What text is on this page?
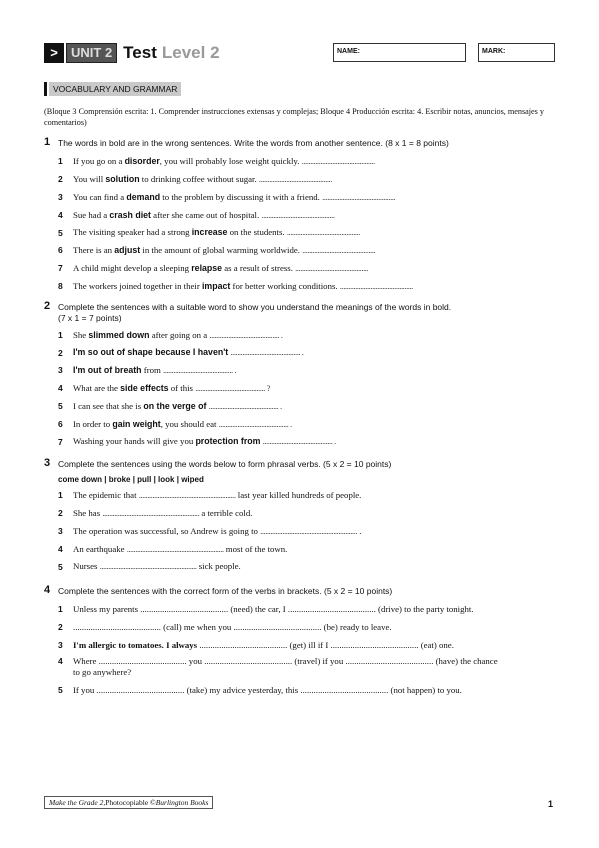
>	UNIT 2 Test Level 2	NAME:	MARK:
VOCABULARY AND GRAMMAR
(Bloque 3 Comprensión escrita: 1. Comprender instrucciones extensas y complejas; Bloque 4 Producción escrita: 4. Escribir notas, anuncios, mensajes y comentarios)
1 The words in bold are in the wrong sentences. Write the words from another sentence. (8 x 1 = 8 points)
1	If you go on a disorder, you will probably lose weight quickly. ...........................................
2	You will solution to drinking coffee without sugar. ...........................................
3	You can find a demand to the problem by discussing it with a friend. ...........................................
4	Sue had a crash diet after she came out of hospital. ...........................................
5	The visiting speaker had a strong increase on the students. ...........................................
6	There is an adjust in the amount of global warming worldwide. ...........................................
7	A child might develop a sleeping relapse as a result of stress. ...........................................
8	The workers joined together in their impact for better working conditions. ...........................................
2 Complete the sentences with a suitable word to show you understand the meanings of the words in bold.
(7 x 1 = 7 points)
1	She slimmed down after going on a ......................................... .
2	I'm so out of shape because I haven't ......................................... .
3	I'm out of breath from ......................................... .
4	What are the side effects of this ......................................... ?
5	I can see that she is on the verge of ......................................... .
6	In order to gain weight, you should eat ......................................... .
7	Washing your hands will give you protection from ......................................... .
3 Complete the sentences using the words below to form phrasal verbs. (5 x 2 = 10 points)
come down | broke | pull | look | wiped
1	The epidemic that ......................................................... last year killed hundreds of people.
2	She has ......................................................... a terrible cold.
3	The operation was successful, so Andrew is going to ......................................................... .
4	An earthquake ......................................................... most of the town.
5	Nurses ......................................................... sick people.
4 Complete the sentences with the correct form of the verbs in brackets. (5 x 2 = 10 points)
1	Unless my parents ........................................ (need) the car, I ........................................ (drive) to the party tonight.
2	........................................ (call) me when you ........................................ (be) ready to leave.
3	I'm allergic to tomatoes. I always ........................................ (get) ill if I ........................................ (eat) one.
4	Where ........................................ you ........................................ (travel) if you ........................................ (have) the chance
to go anywhere?
5	If you ........................................ (take) my advice yesterday, this ........................................ (not happen) to you.
Make the Grade 2, Photocopiable © Burlington Books	1
